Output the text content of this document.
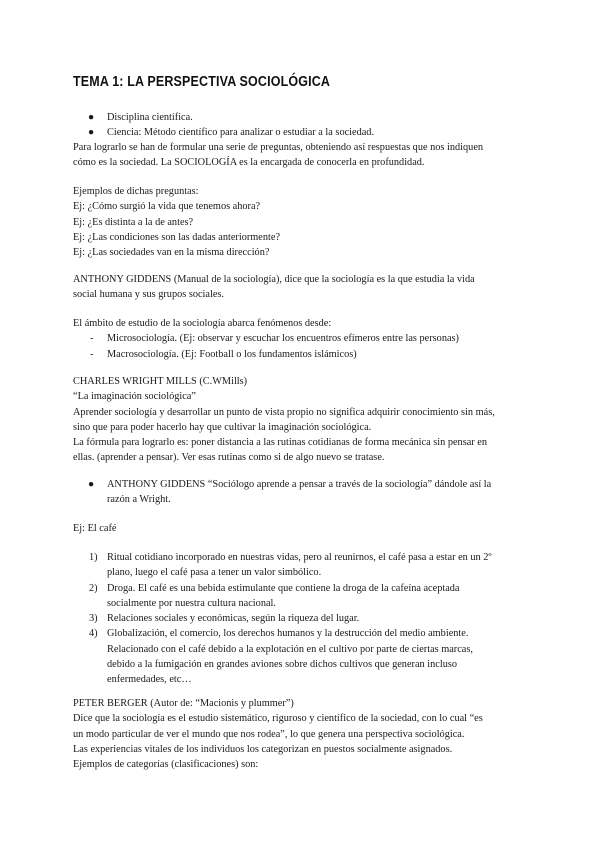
TEMA 1: LA PERSPECTIVA SOCIOLÓGICA
● Disciplina científica.
● Ciencia: Método científico para analizar o estudiar a la sociedad.

Para lograrlo se han de formular una serie de preguntas, obteniendo así respuestas que nos indiquen

cómo es la sociedad. La SOCIOLOGÍA es la encargada de conocerla en profundidad.

Ejemplos de dichas preguntas:

Ej: ¿Cómo surgió la vida que tenemos ahora?

Ej: ¿Es distinta a la de antes?

Ej: ¿Las condiciones son las dadas anteriormente?

Ej: ¿Las sociedades van en la misma dirección?

ANTHONY GIDDENS (Manual de la sociología), dice que la sociología es la que estudia la vida

social humana y sus grupos sociales.

El ámbito de estudio de la sociología abarca fenómenos desde:

- Microsociología. (Ej: observar y escuchar los encuentros efímeros entre las personas)
- Macrosociología. (Ej: Football o los fundamentos islámicos)

CHARLES WRIGHT MILLS (C.WMills)

“La imaginación sociológica”

Aprender sociología y desarrollar un punto de vista propio no significa adquirir conocimiento sin más,

sino que para poder hacerlo hay que cultivar la imaginación sociológica.

La fórmula para lograrlo es: poner distancia a las rutinas cotidianas de forma mecánica sin pensar en

ellas. (aprender a pensar). Ver esas rutinas como si de algo nuevo se tratase.

● ANTHONY GIDDENS “Sociólogo aprende a pensar a través de la sociología” dándole así la
razón a Wright.

Ej: El café

1) Ritual cotidiano incorporado en nuestras vidas, pero al reunirnos, el café pasa a estar en un 2º
plano, luego el café pasa a tener un valor simbólico.
2) Droga. El café es una bebida estimulante que contiene la droga de la cafeína aceptada
socialmente por nuestra cultura nacional.
3) Relaciones sociales y económicas, según la riqueza del lugar.
4) Globalización, el comercio, los derechos humanos y la destrucción del medio ambiente.
Relacionado con el café debido a la explotación en el cultivo por parte de ciertas marcas,
debido a la fumigación en grandes aviones sobre dichos cultivos que generan incluso
enfermedades, etc…

PETER BERGER (Autor de: “Macionis y plummer”)

Dice que la sociología es el estudio sistemático, riguroso y científico de la sociedad, con lo cual “es

un modo particular de ver el mundo que nos rodea”, lo que genera una perspectiva sociológica.

Las experiencias vitales de los individuos los categorizan en puestos socialmente asignados.

Ejemplos de categorías (clasificaciones) son:
